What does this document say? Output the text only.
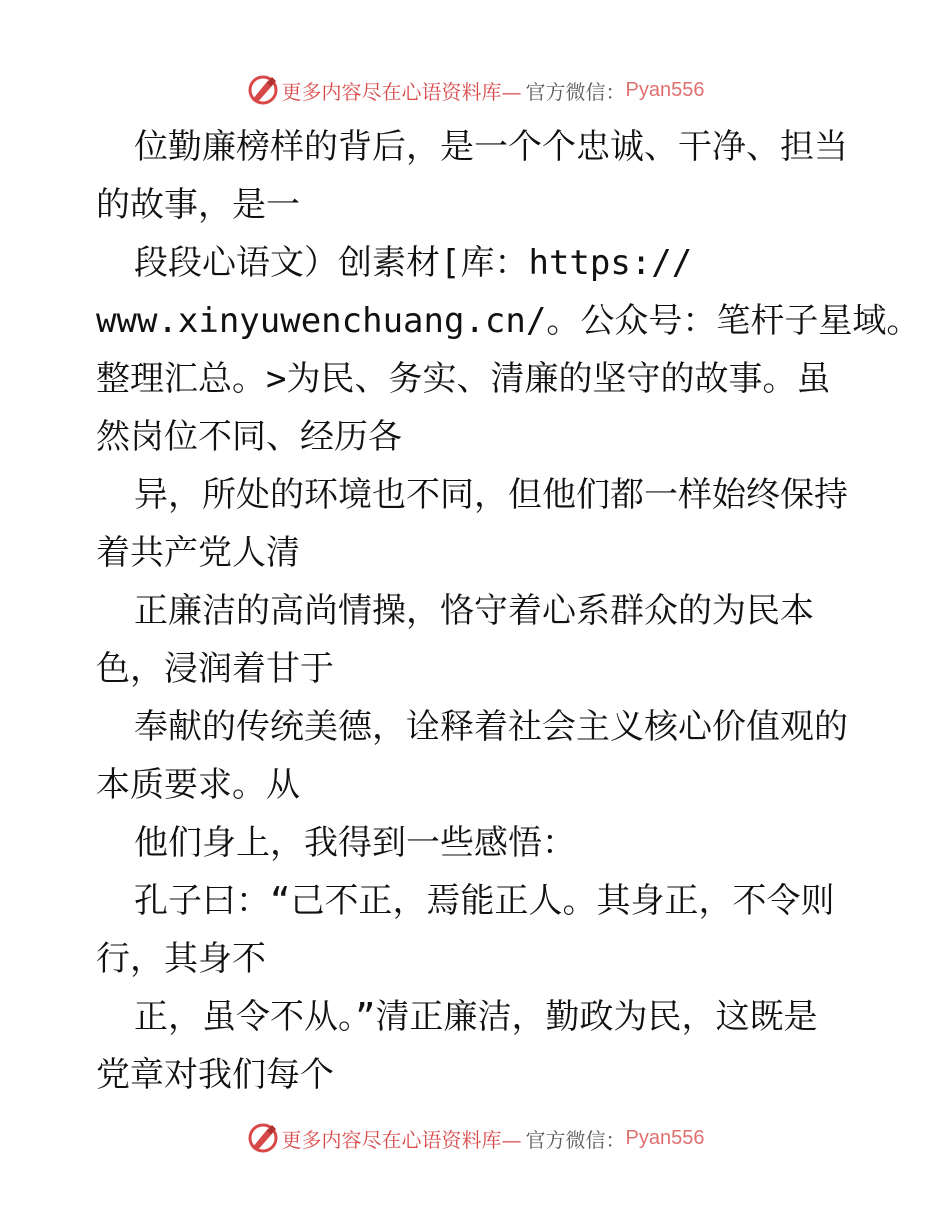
更多内容尽在心语资料库— 官方微信： Pyan556
位勤廉榜样的背后，是一个个忠诚、干净、担当
的故事，是一
段段心语文）创素材[库：https://
www.xinyuwenchuang.cn/。公众号：笔杆子星域。
整理汇总。>为民、务实、清廉的坚守的故事。虽
然岗位不同、经历各
异，所处的环境也不同，但他们都一样始终保持
着共产党人清
正廉洁的高尚情操，恪守着心系群众的为民本
色，浸润着甘于
奉献的传统美德，诠释着社会主义核心价值观的
本质要求。从
他们身上，我得到一些感悟：
孔子曰：“己不正，焉能正人。其身正，不令则
行，其身不
正，虽令不从。”清正廉洁，勤政为民，这既是
党章对我们每个
更多内容尽在心语资料库— 官方微信： Pyan556
